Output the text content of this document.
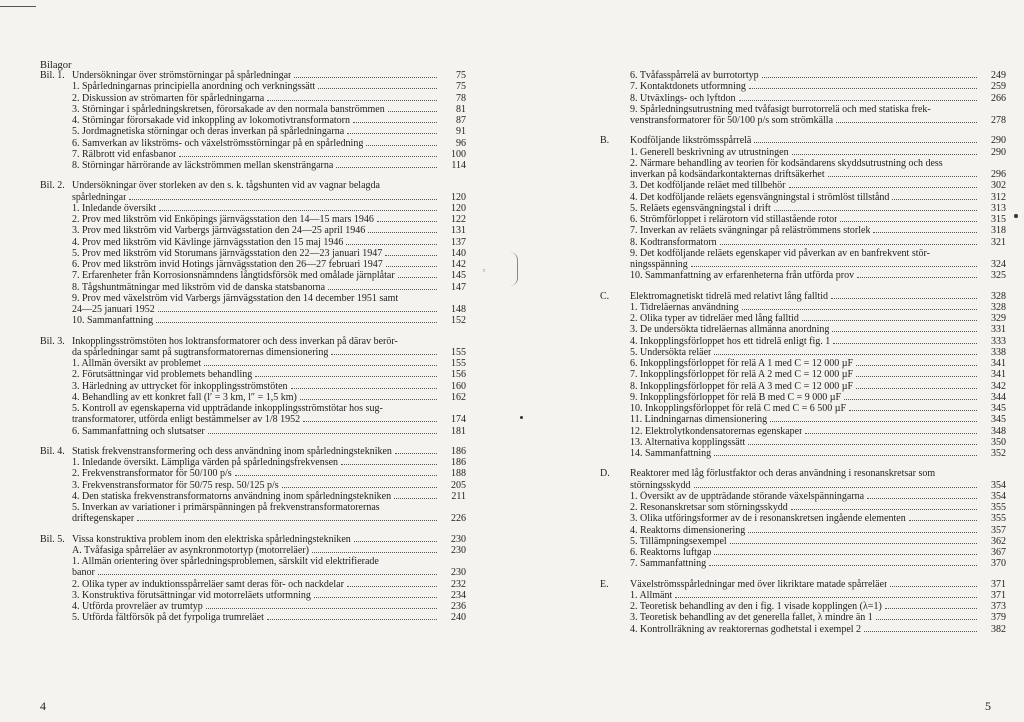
Bilagor
Bil. 1. Undersökningar över strömstörningar på spårledningar	75
1. Spårledningarnas principiella anordning och verkningssätt	75
2. Diskussion av strömarten för spårledningarna	78
3. Störningar i spårledningskretsen, förorsakade av den normala banströmmen	81
4. Störningar förorsakade vid inkoppling av lokomotivtransformatorn	87
5. Jordmagnetiska störningar och deras inverkan på spårledningarna	91
6. Samverkan av likströms- och växelströmsstörningar på en spårledning	96
7. Rälbrott vid enfasbanor	100
8. Störningar härrörande av läckströmmen mellan skensträngarna	114
Bil. 2. Undersökningar över storleken av den s. k. tågshunten vid av vagnar belagda
spårledningar	120
1. Inledande översikt	120
2. Prov med likström vid Enköpings järnvägsstation den 14—15 mars 1946	122
3. Prov med likström vid Varbergs järnvägsstation den 24—25 april 1946	131
4. Prov med likström vid Kävlinge järnvägsstation den 15 maj 1946	137
5. Prov med likström vid Storumans järnvägsstation den 22—23 januari 1947	140
6. Prov med likström invid Hotings järnvägsstation den 26—27 februari 1947	142
7. Erfarenheter från Korrosionsnämndens långtidsförsök med omålade järnplåtar	145
8. Tågshuntmätningar med likström vid de danska statsbanorna	147
9. Prov med växelström vid Varbergs järnvägsstation den 14 december 1951 samt
24—25 januari 1952	148
10. Sammanfattning	152
Bil. 3. Inkopplingsströmstöten hos loktransformatorer och dess inverkan på därav berör-
da spårledningar samt på sugtransformatorernas dimensionering	155
1. Allmän översikt av problemet	155
2. Förutsättningar vid problemets behandling	156
3. Härledning av uttrycket för inkopplingsströmstöten	160
4. Behandling av ett konkret fall (l′ = 3 km, l″ = 1,5 km)	162
5. Kontroll av egenskaperna vid uppträdande inkopplingsströmstötar hos sug-
transformatorer, utförda enligt bestämmelser av 1/8 1952	174
6. Sammanfattning och slutsatser	181
Bil. 4. Statisk frekvenstransformering och dess användning inom spårledningstekniken	186
1. Inledande översikt. Lämpliga värden på spårledningsfrekvensen	186
2. Frekvenstransformator för 50/100 p/s	188
3. Frekvenstransformator för 50/75 resp. 50/125 p/s	205
4. Den statiska frekvenstransformatorns användning inom spårledningstekniken	211
5. Inverkan av variationer i primärspänningen på frekvenstransformatorernas
driftegenskaper	226
Bil. 5. Vissa konstruktiva problem inom den elektriska spårledningstekniken	230
A. Tvåfasiga spårreläer av asynkronmotortyp (motorreläer)	230
1. Allmän orientering över spårledningsproblemen, särskilt vid elektrifierade
banor	230
2. Olika typer av induktionsspårreläer samt deras för- och nackdelar	232
3. Konstruktiva förutsättningar vid motorreläets utformning	234
4. Utförda provreläer av trumtyp	236
5. Utförda fältförsök på det fyrpoliga trumreläet	240
ᶜ
4
6. Tvåfasspårrelä av burrotortyp	249
7. Kontaktdonets utformning	259
8. Utväxlings- och lyftdon	266
9. Spårledningsutrustning med tvåfasigt burrotorrelä och med statiska frek-
venstransformatorer för 50/100 p/s som strömkälla	278
B.	Kodföljande likströmsspårrelä	290
1. Generell beskrivning av utrustningen	290
2. Närmare behandling av teorien för kodsändarens skyddsutrustning och dess
inverkan på kodsändarkontakternas driftsäkerhet	296
3. Det kodföljande reläet med tillbehör	302
4. Det kodföljande reläets egensvängningstal i strömlöst tillstånd	312
5. Reläets egensvängningstal i drift	313
6. Strömförloppet i relärotorn vid stillastående rotor	315
7. Inverkan av reläets svängningar på reläströmmens storlek	318
8. Kodtransformatorn	321
9. Det kodföljande reläets egenskaper vid påverkan av en banfrekvent stör-
ningsspänning	324
10. Sammanfattning av erfarenheterna från utförda prov	325
C.	Elektromagnetiskt tidrelä med relativt lång falltid	328
1. Tidreläernas användning	328
2. Olika typer av tidreläer med lång falltid	329
3. De undersökta tidreläernas allmänna anordning	331
4. Inkopplingsförloppet hos ett tidrelä enligt fig. 1	333
5. Undersökta reläer	338
6. Inkopplingsförloppet för relä A 1 med C = 12 000 µF	341
7. Inkopplingsförloppet för relä A 2 med C = 12 000 µF	341
8. Inkopplingsförloppet för relä A 3 med C = 12 000 µF	342
9. Inkopplingsförloppet för relä B med C = 9 000 µF	344
10. Inkopplingsförloppet för relä C med C = 6 500 µF	345
11. Lindningarnas dimensionering	345
12. Elektrolytkondensatorernas egenskaper	348
13. Alternativa kopplingssätt	350
14. Sammanfattning	352
D.	Reaktorer med låg förlustfaktor och deras användning i resonanskretsar som
störningsskydd	354
1. Översikt av de uppträdande störande växelspänningarna	354
2. Resonanskretsar som störningsskydd	355
3. Olika utföringsformer av de i resonanskretsen ingående elementen	355
4. Reaktorns dimensionering	357
5. Tillämpningsexempel	362
6. Reaktorns luftgap	367
7. Sammanfattning	370
E.	Växelströmsspårledningar med över likriktare matade spårreläer	371
1. Allmänt	371
2. Teoretisk behandling av den i fig. 1 visade kopplingen (λ=1)	373
3. Teoretisk behandling av det generella fallet, λ mindre än 1	379
4. Kontrollräkning av reaktorernas godhetstal i exempel 2	382
5
